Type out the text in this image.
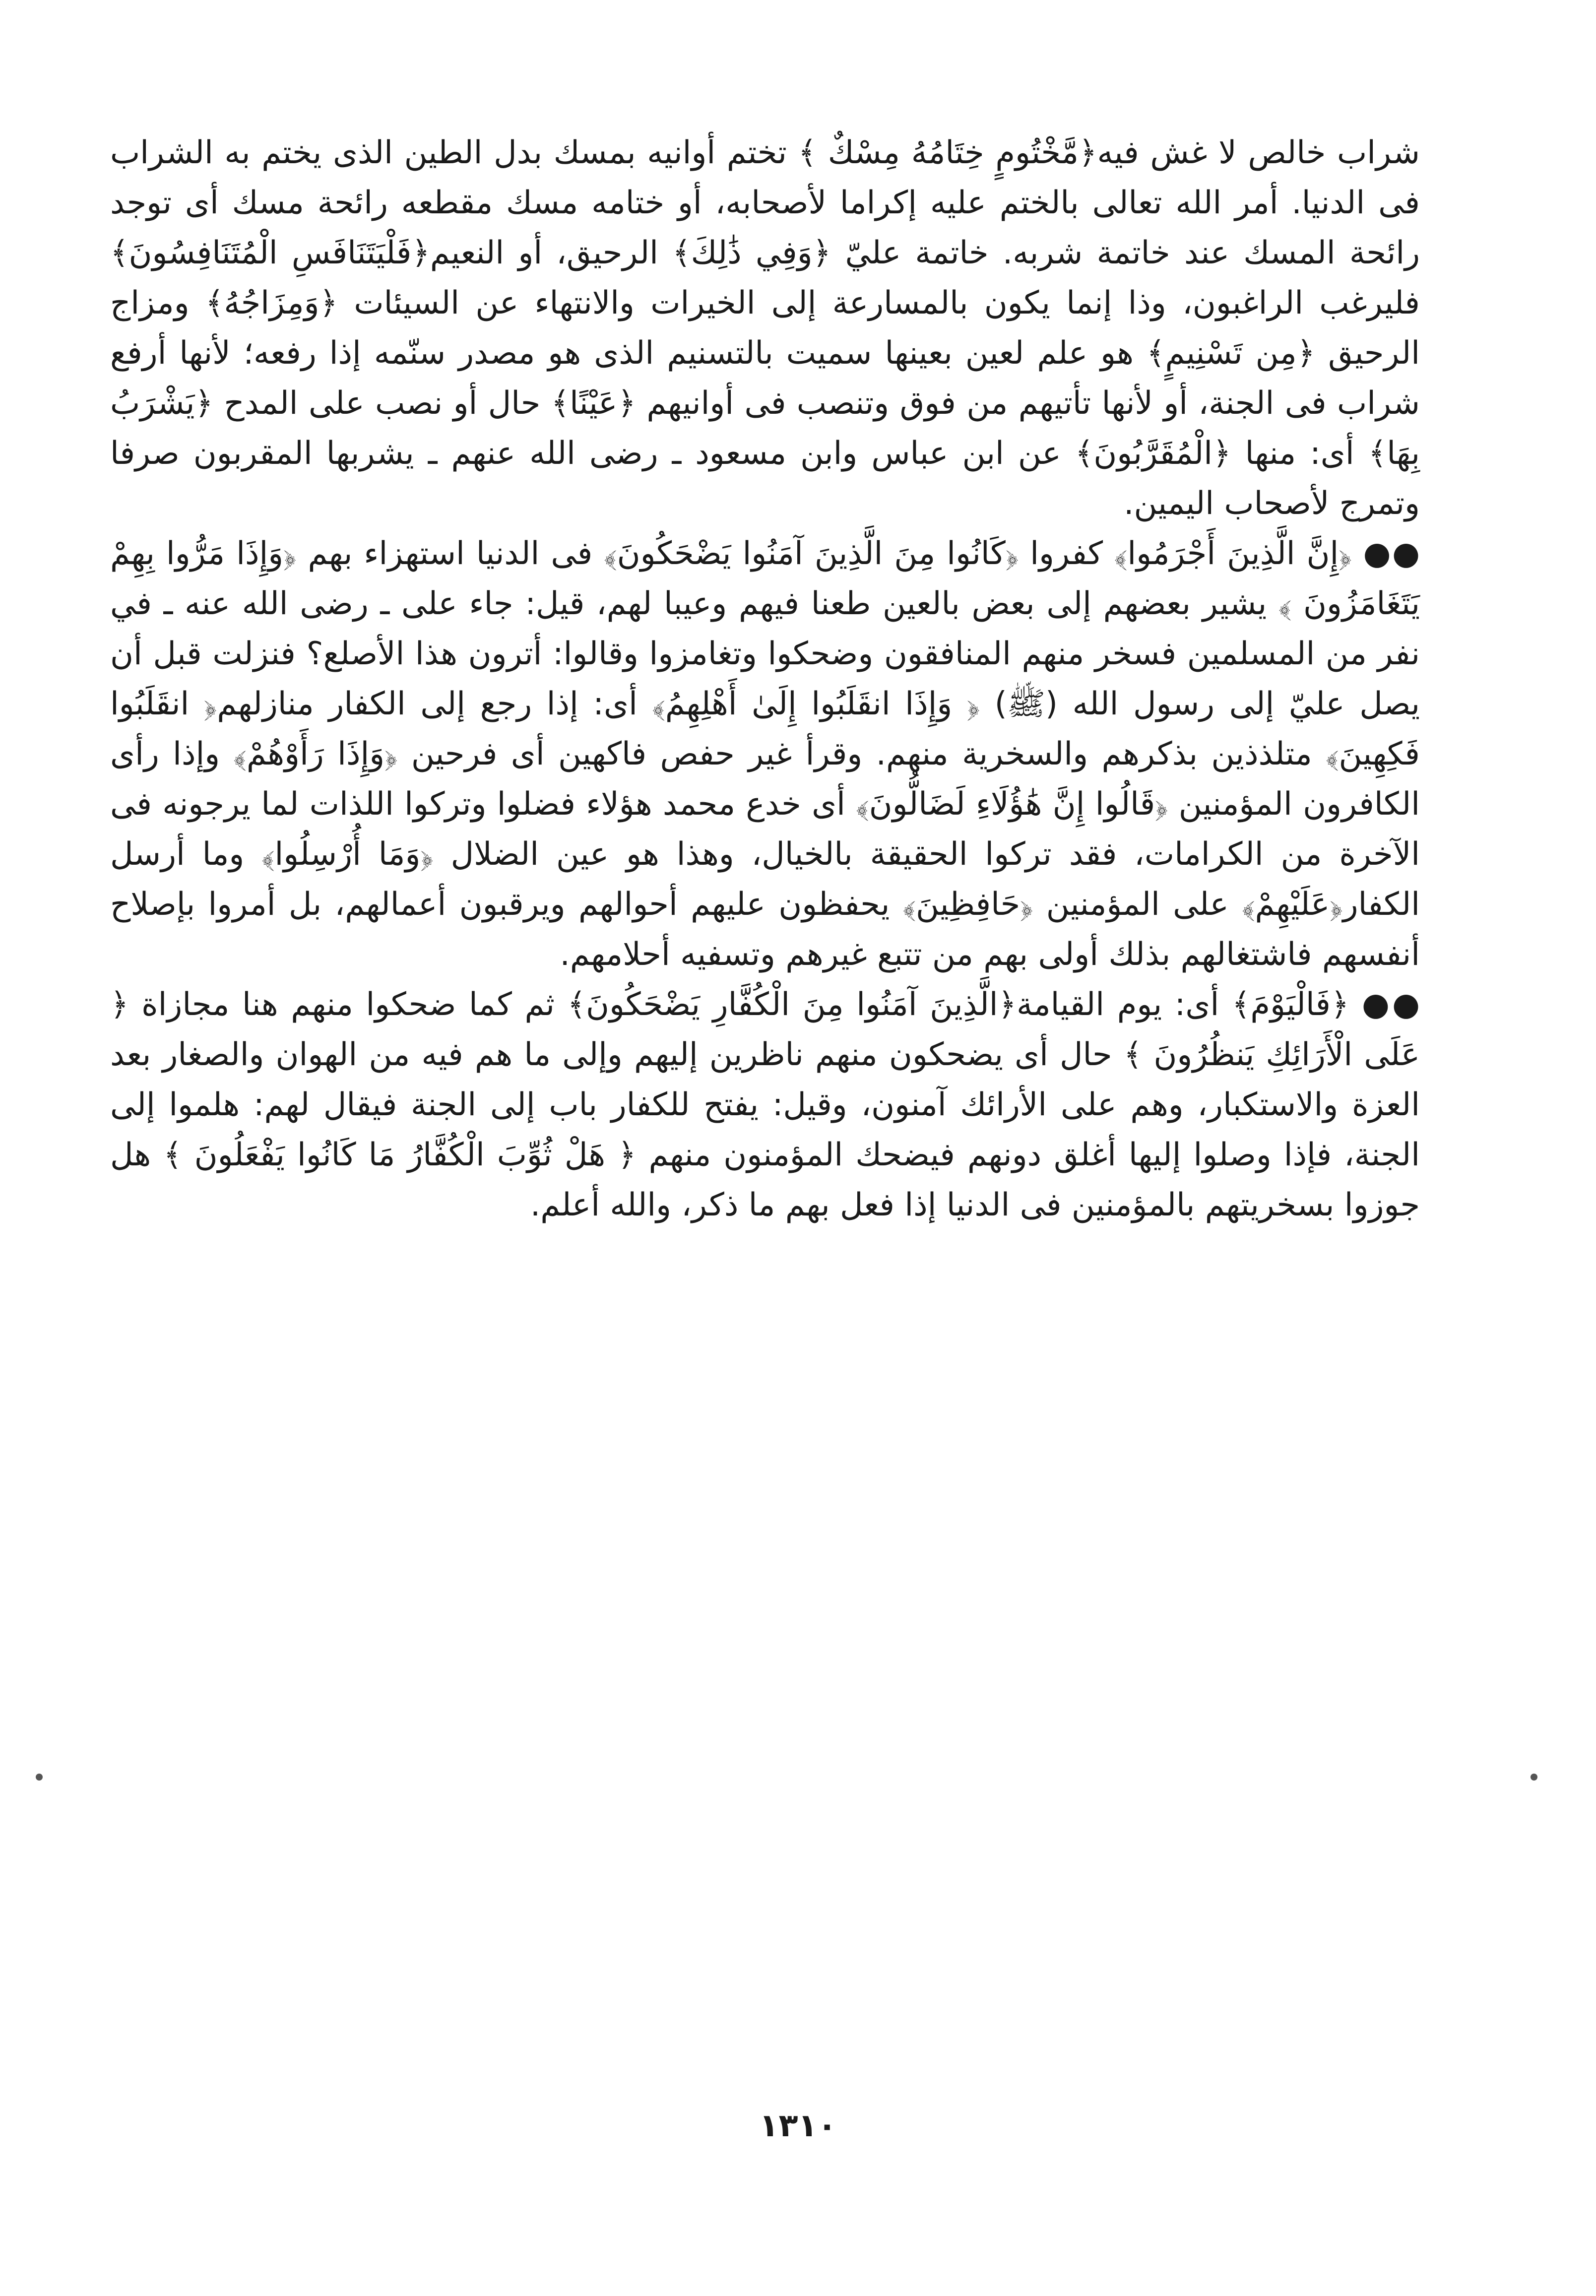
شراب خالص لا غش فيه﴿مَّخْتُومٍ خِتَامُهُ مِسْكٌ ﴾ تختم أوانيه بمسك بدل الطين الذى يختم به الشراب فى الدنيا. أمر الله تعالى بالختم عليه إكراما لأصحابه، أو ختامه مسك مقطعه رائحة مسك أى توجد رائحة المسك عند خاتمة شربه. خاتمة عليّ ﴿وَفِي ذَٰلِكَ﴾ الرحيق، أو النعيم﴿فَلْيَتَنَافَسِ الْمُتَنَافِسُونَ﴾ فليرغب الراغبون، وذا إنما يكون بالمسارعة إلى الخيرات والانتهاء عن السيئات ﴿وَمِزَاجُهُ﴾ ومزاج الرحيق ﴿مِن تَسْنِيمٍ﴾ هو علم لعين بعينها سميت بالتسنيم الذى هو مصدر سنّمه إذا رفعه؛ لأنها أرفع شراب فى الجنة، أو لأنها تأتيهم من فوق وتنصب فى أوانيهم ﴿عَيْنًا﴾ حال أو نصب على المدح ﴿يَشْرَبُ بِهَا﴾ أى: منها ﴿الْمُقَرَّبُونَ﴾ عن ابن عباس وابن مسعود ـ رضى الله عنهم ـ يشربها المقربون صرفا وتمرج لأصحاب اليمين.

●● ﴿إِنَّ الَّذِينَ أَجْرَمُوا﴾ كفروا ﴿كَانُوا مِنَ الَّذِينَ آمَنُوا يَضْحَكُونَ﴾ فى الدنيا استهزاء بهم ﴿وَإِذَا مَرُّوا بِهِمْ يَتَغَامَزُونَ ﴾ يشير بعضهم إلى بعض بالعين طعنا فيهم وعيبا لهم، قيل: جاء على ـ رضى الله عنه ـ في نفر من المسلمين فسخر منهم المنافقون وضحكوا وتغامزوا وقالوا: أترون هذا الأصلع؟ فنزلت قبل أن يصل عليّ إلى رسول الله (ﷺ) ﴿ وَإِذَا انقَلَبُوا إِلَىٰ أَهْلِهِمُ﴾ أى: إذا رجع إلى الكفار منازلهم﴿ انقَلَبُوا فَكِهِينَ﴾ متلذذين بذكرهم والسخرية منهم. وقرأ غير حفص فاكهين أى فرحين ﴿وَإِذَا رَأَوْهُمْ﴾ وإذا رأى الكافرون المؤمنين ﴿قَالُوا إِنَّ هَٰؤُلَاءِ لَضَالُّونَ﴾ أى خدع محمد هؤلاء فضلوا وتركوا اللذات لما يرجونه فى الآخرة من الكرامات، فقد تركوا الحقيقة بالخيال، وهذا هو عين الضلال ﴿وَمَا أُرْسِلُوا﴾ وما أرسل الكفار﴿عَلَيْهِمْ﴾ على المؤمنين ﴿حَافِظِينَ﴾ يحفظون عليهم أحوالهم ويرقبون أعمالهم، بل أمروا بإصلاح أنفسهم فاشتغالهم بذلك أولى بهم من تتبع غيرهم وتسفيه أحلامهم.

●● ﴿فَالْيَوْمَ﴾ أى: يوم القيامة﴿الَّذِينَ آمَنُوا مِنَ الْكُفَّارِ يَضْحَكُونَ﴾ ثم كما ضحكوا منهم هنا مجازاة ﴿ عَلَى الْأَرَائِكِ يَنظُرُونَ ﴾ حال أى يضحكون منهم ناظرين إليهم وإلى ما هم فيه من الهوان والصغار بعد العزة والاستكبار، وهم على الأرائك آمنون، وقيل: يفتح للكفار باب إلى الجنة فيقال لهم: هلموا إلى الجنة، فإذا وصلوا إليها أغلق دونهم فيضحك المؤمنون منهم ﴿ هَلْ ثُوِّبَ الْكُفَّارُ مَا كَانُوا يَفْعَلُونَ ﴾ هل جوزوا بسخريتهم بالمؤمنين فى الدنيا إذا فعل بهم ما ذكر، والله أعلم.

١٣١٠
